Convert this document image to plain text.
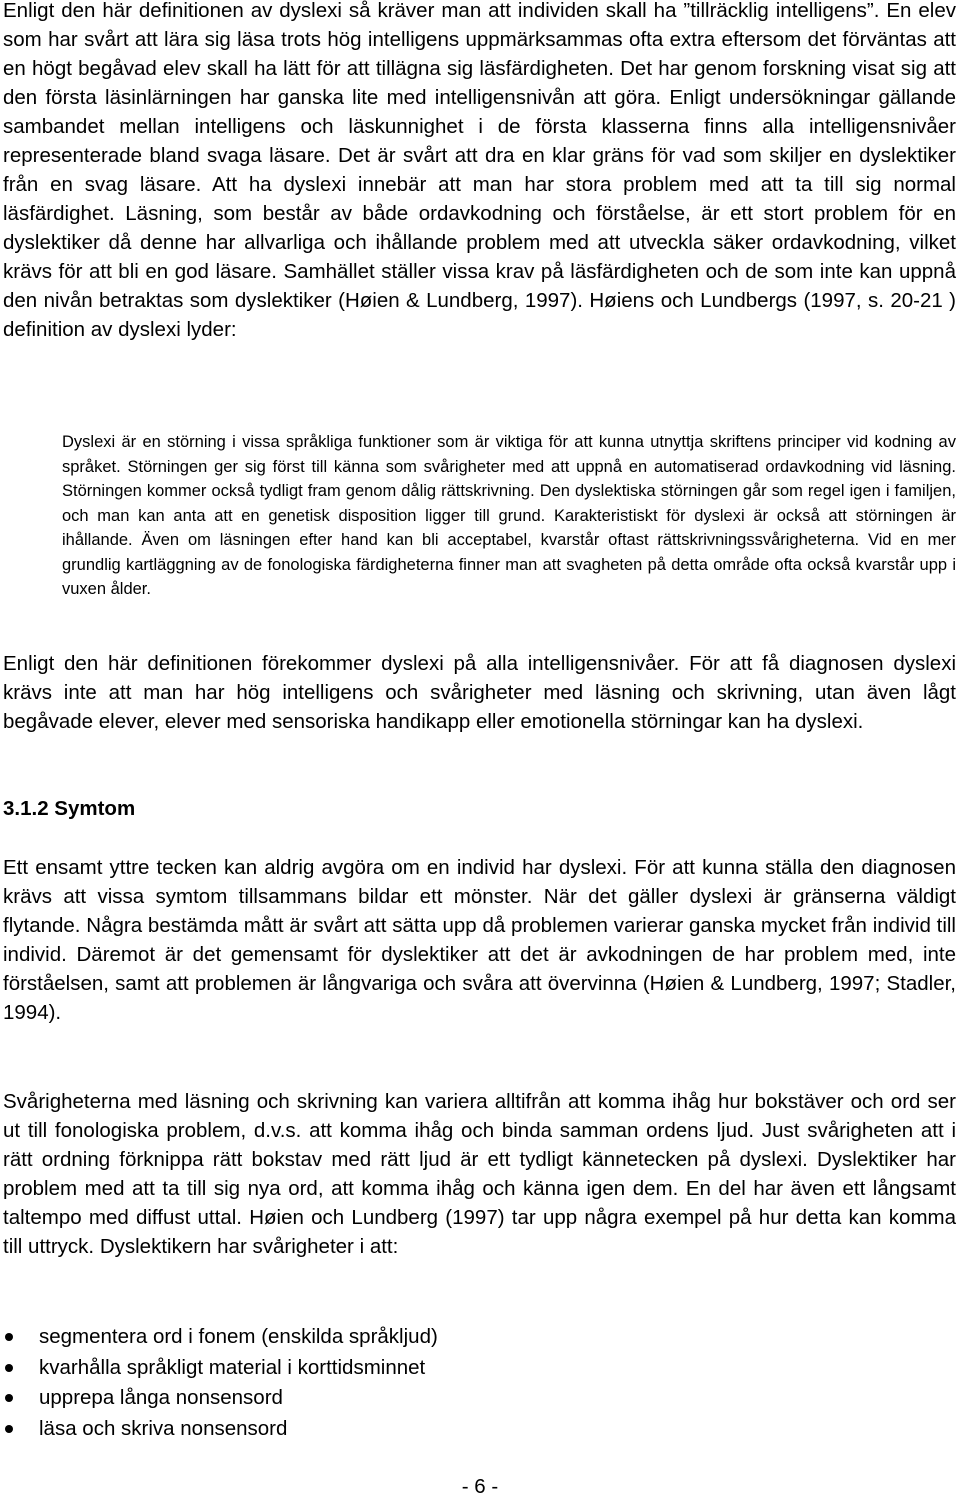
Enligt den här definitionen av dyslexi så kräver man att individen skall ha ”tillräcklig intelligens”. En elev som har svårt att lära sig läsa trots hög intelligens uppmärksammas ofta extra eftersom det förväntas att en högt begåvad elev skall ha lätt för att tillägna sig läsfärdigheten. Det har genom forskning visat sig att den första läsinlärningen har ganska lite med intelligensnivån att göra. Enligt undersökningar gällande sambandet mellan intelligens och läskunnighet i de första klasserna finns alla intelligensnivåer representerade bland svaga läsare. Det är svårt att dra en klar gräns för vad som skiljer en dyslektiker från en svag läsare. Att ha dyslexi innebär att man har stora problem med att ta till sig normal läsfärdighet. Läsning, som består av både ordavkodning och förståelse, är ett stort problem för en dyslektiker då denne har allvarliga och ihållande problem med att utveckla säker ordavkodning, vilket krävs för att bli en god läsare. Samhället ställer vissa krav på läsfärdigheten och de som inte kan uppnå den nivån betraktas som dyslektiker (Høien & Lundberg, 1997). Høiens och Lundbergs (1997, s. 20-21 ) definition av dyslexi lyder:

Dyslexi är en störning i vissa språkliga funktioner som är viktiga för att kunna utnyttja skriftens principer vid kodning av språket. Störningen ger sig först till känna som svårigheter med att uppnå en automatiserad ordavkodning vid läsning. Störningen kommer också tydligt fram genom dålig rättskrivning. Den dyslektiska störningen går som regel igen i familjen, och man kan anta att en genetisk disposition ligger till grund. Karakteristiskt för dyslexi är också att störningen är ihållande. Även om läsningen efter hand kan bli acceptabel, kvarstår oftast rättskrivningssvårigheterna. Vid en mer grundlig kartläggning av de fonologiska färdigheterna finner man att svagheten på detta område ofta också kvarstår upp i vuxen ålder.

Enligt den här definitionen förekommer dyslexi på alla intelligensnivåer. För att få diagnosen dyslexi krävs inte att man har hög intelligens och svårigheter med läsning och skrivning, utan även lågt begåvade elever, elever med sensoriska handikapp eller emotionella störningar kan ha dyslexi.

3.1.2 Symtom

Ett ensamt yttre tecken kan aldrig avgöra om en individ har dyslexi. För att kunna ställa den diagnosen krävs att vissa symtom tillsammans bildar ett mönster. När det gäller dyslexi är gränserna väldigt flytande. Några bestämda mått är svårt att sätta upp då problemen varierar ganska mycket från individ till individ. Däremot är det gemensamt för dyslektiker att det är avkodningen de har problem med, inte förståelsen, samt att problemen är långvariga och svåra att övervinna (Høien & Lundberg, 1997; Stadler, 1994).

Svårigheterna med läsning och skrivning kan variera alltifrån att komma ihåg hur bokstäver och ord ser ut till fonologiska problem, d.v.s. att komma ihåg och binda samman ordens ljud. Just svårigheten att i rätt ordning förknippa rätt bokstav med rätt ljud är ett tydligt kännetecken på dyslexi. Dyslektiker har problem med att ta till sig nya ord, att komma ihåg och känna igen dem. En del har även ett långsamt taltempo med diffust uttal. Høien och Lundberg (1997) tar upp några exempel på hur detta kan komma till uttryck. Dyslektikern har svårigheter i att:

segmentera ord i fonem (enskilda språkljud)
kvarhålla språkligt material i korttidsminnet
upprepa långa nonsensord
läsa och skriva nonsensord

- 6 -
